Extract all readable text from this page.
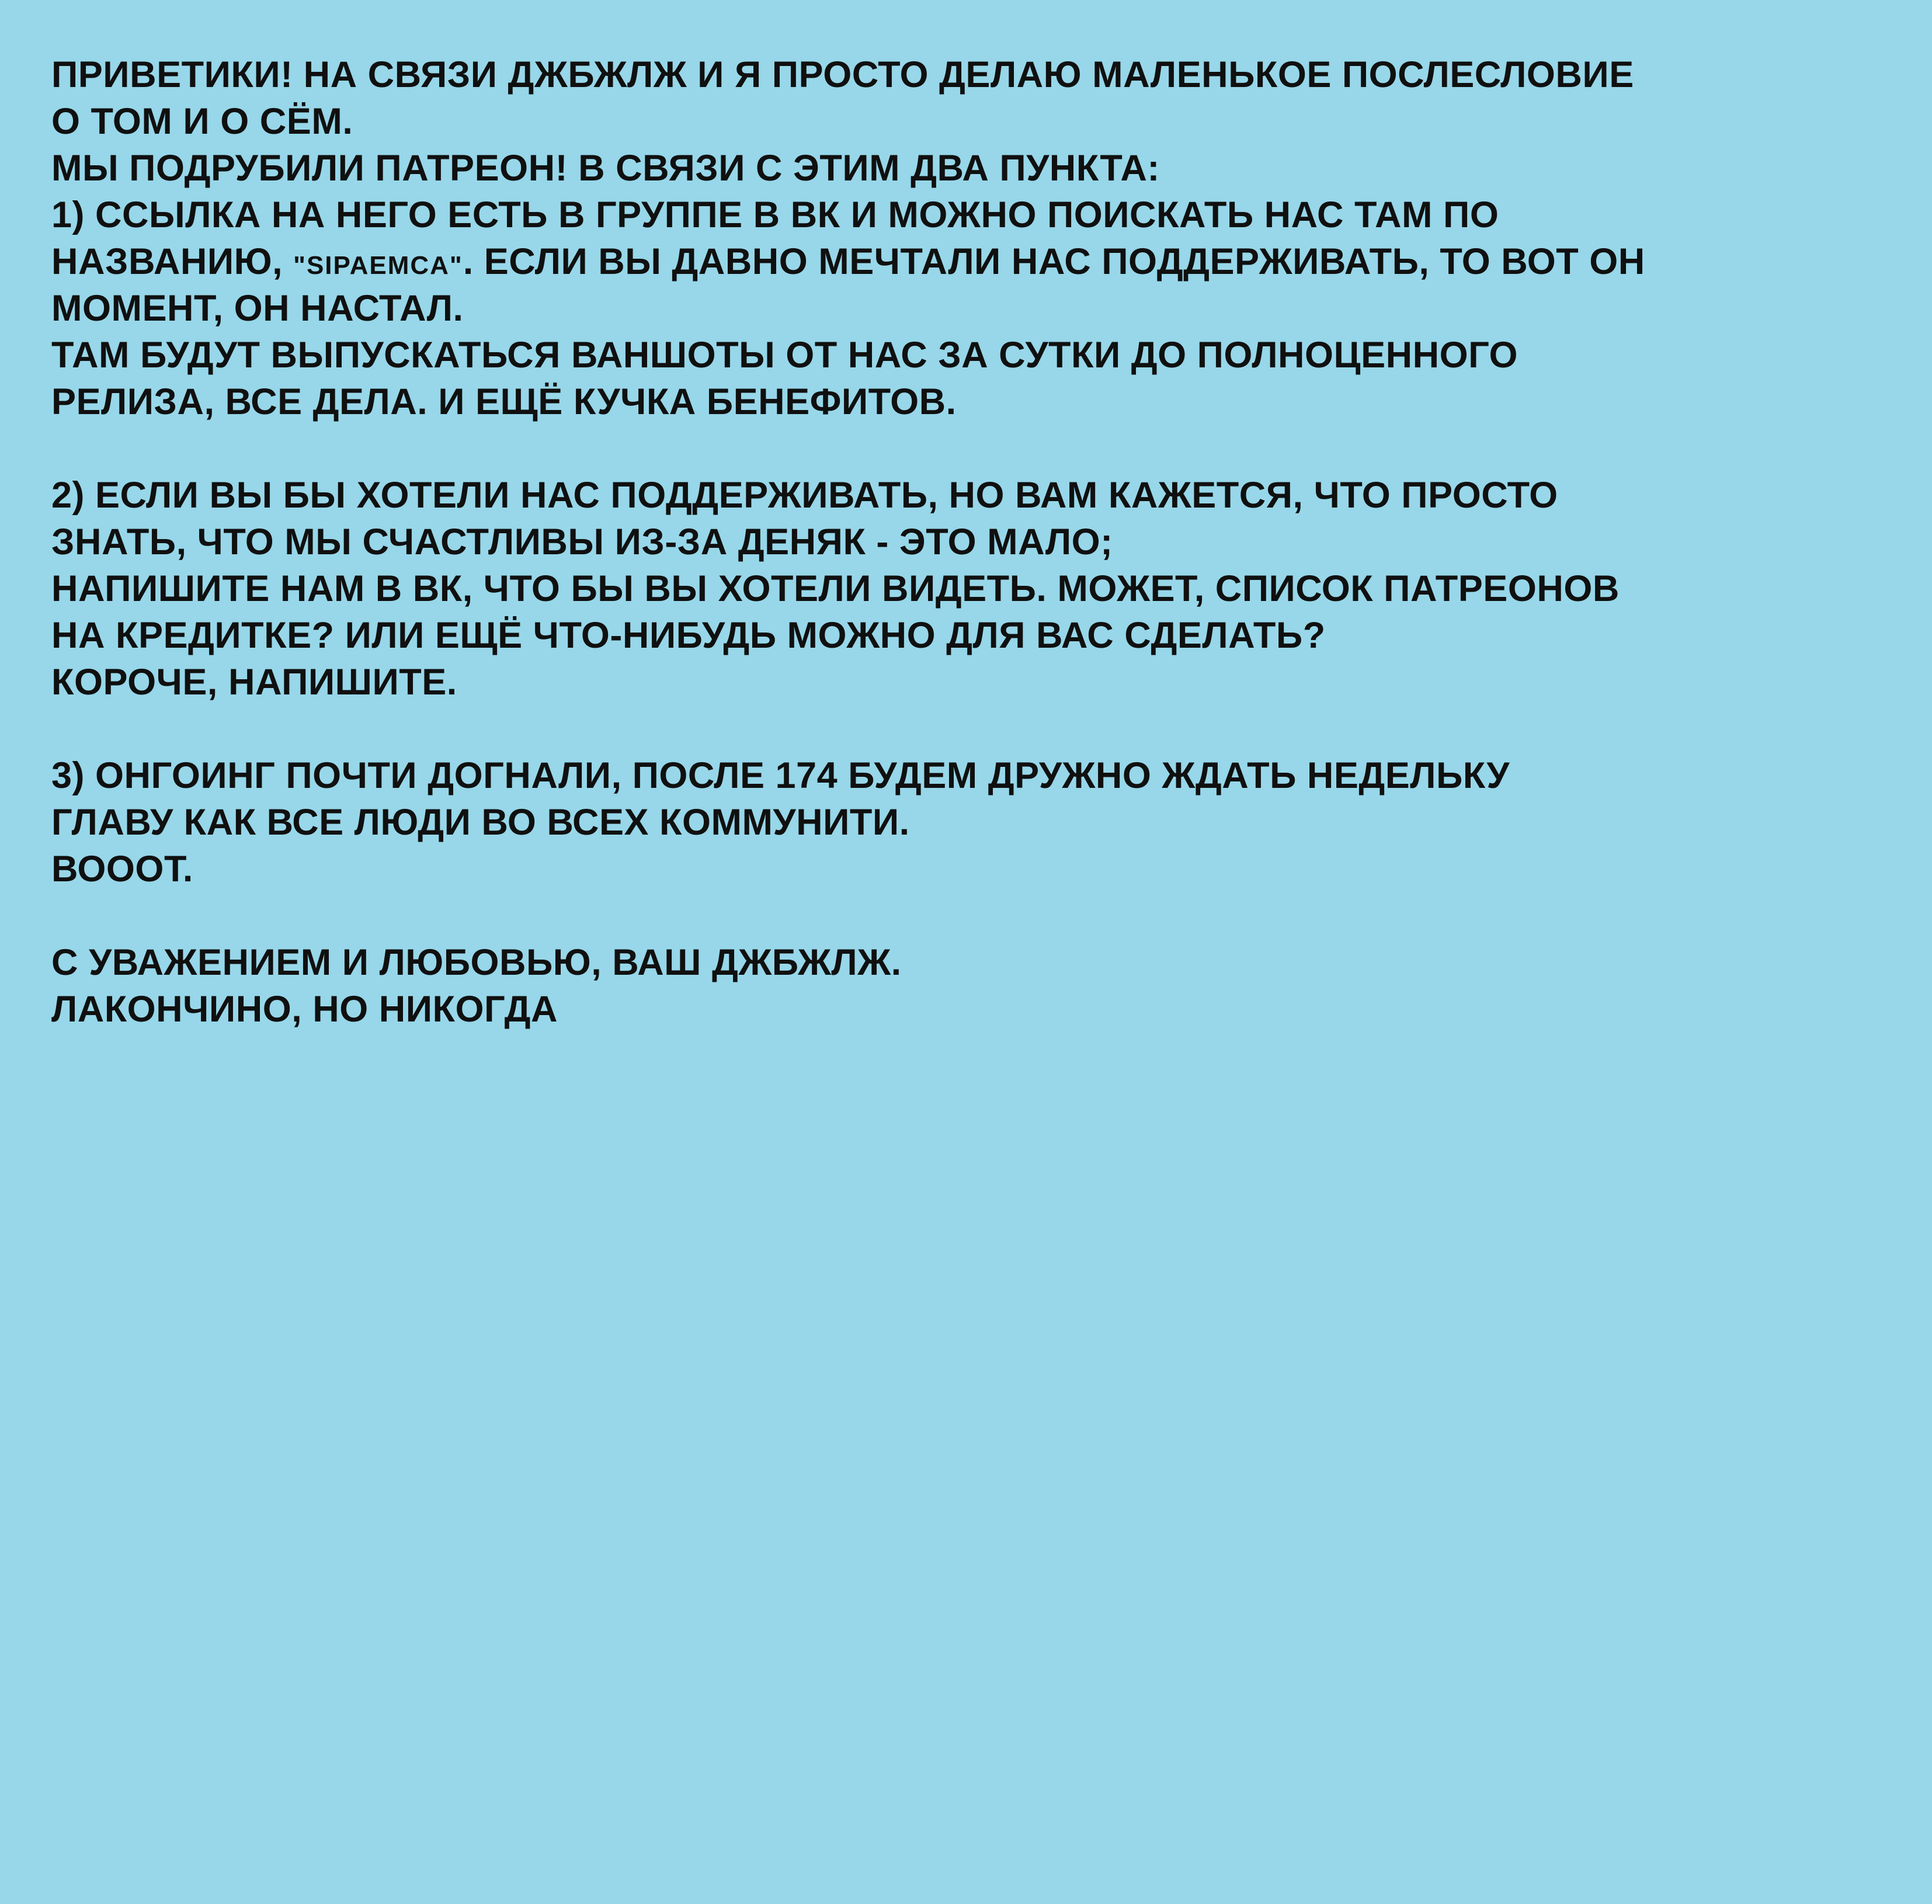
ПРИВЕТИКИ! НА СВЯЗИ ДЖБЖЛЖ И Я ПРОСТО ДЕЛАЮ МАЛЕНЬКОЕ ПОСЛЕСЛОВИЕ
О ТОМ И О СЁМ.
МЫ ПОДРУБИЛИ ПАТРЕОН! В СВЯЗИ С ЭТИМ ДВА ПУНКТА:
1) ССЫЛКА НА НЕГО ЕСТЬ В ГРУППЕ В ВК И МОЖНО ПОИСКАТЬ НАС ТАМ ПО
НАЗВАНИЮ, "SIPAEMCA". ЕСЛИ ВЫ ДАВНО МЕЧТАЛИ НАС ПОДДЕРЖИВАТЬ, ТО ВОТ ОН
МОМЕНТ, ОН НАСТАЛ.
ТАМ БУДУТ ВЫПУСКАТЬСЯ ВАНШОТЫ ОТ НАС ЗА СУТКИ ДО ПОЛНОЦЕННОГО
РЕЛИЗА, ВСЕ ДЕЛА. И ЕЩЁ КУЧКА БЕНЕФИТОВ.
2) ЕСЛИ ВЫ БЫ ХОТЕЛИ НАС ПОДДЕРЖИВАТЬ, НО ВАМ КАЖЕТСЯ, ЧТО ПРОСТО
ЗНАТЬ, ЧТО МЫ СЧАСТЛИВЫ ИЗ-ЗА ДЕНЯК - ЭТО МАЛО;
НАПИШИТЕ НАМ В ВК, ЧТО БЫ ВЫ ХОТЕЛИ ВИДЕТЬ. МОЖЕТ, СПИСОК ПАТРЕОНОВ
НА КРЕДИТКЕ? ИЛИ ЕЩЁ ЧТО-НИБУДЬ МОЖНО ДЛЯ ВАС СДЕЛАТЬ?
КОРОЧЕ, НАПИШИТЕ.
3) ОНГОИНГ ПОЧТИ ДОГНАЛИ, ПОСЛЕ 174 БУДЕМ ДРУЖНО ЖДАТЬ НЕДЕЛЬКУ
ГЛАВУ КАК ВСЕ ЛЮДИ ВО ВСЕХ КОММУНИТИ.
ВОООТ.
С УВАЖЕНИЕМ И ЛЮБОВЬЮ, ВАШ ДЖБЖЛЖ.
ЛАКОНЧИНО, НО НИКОГДА
